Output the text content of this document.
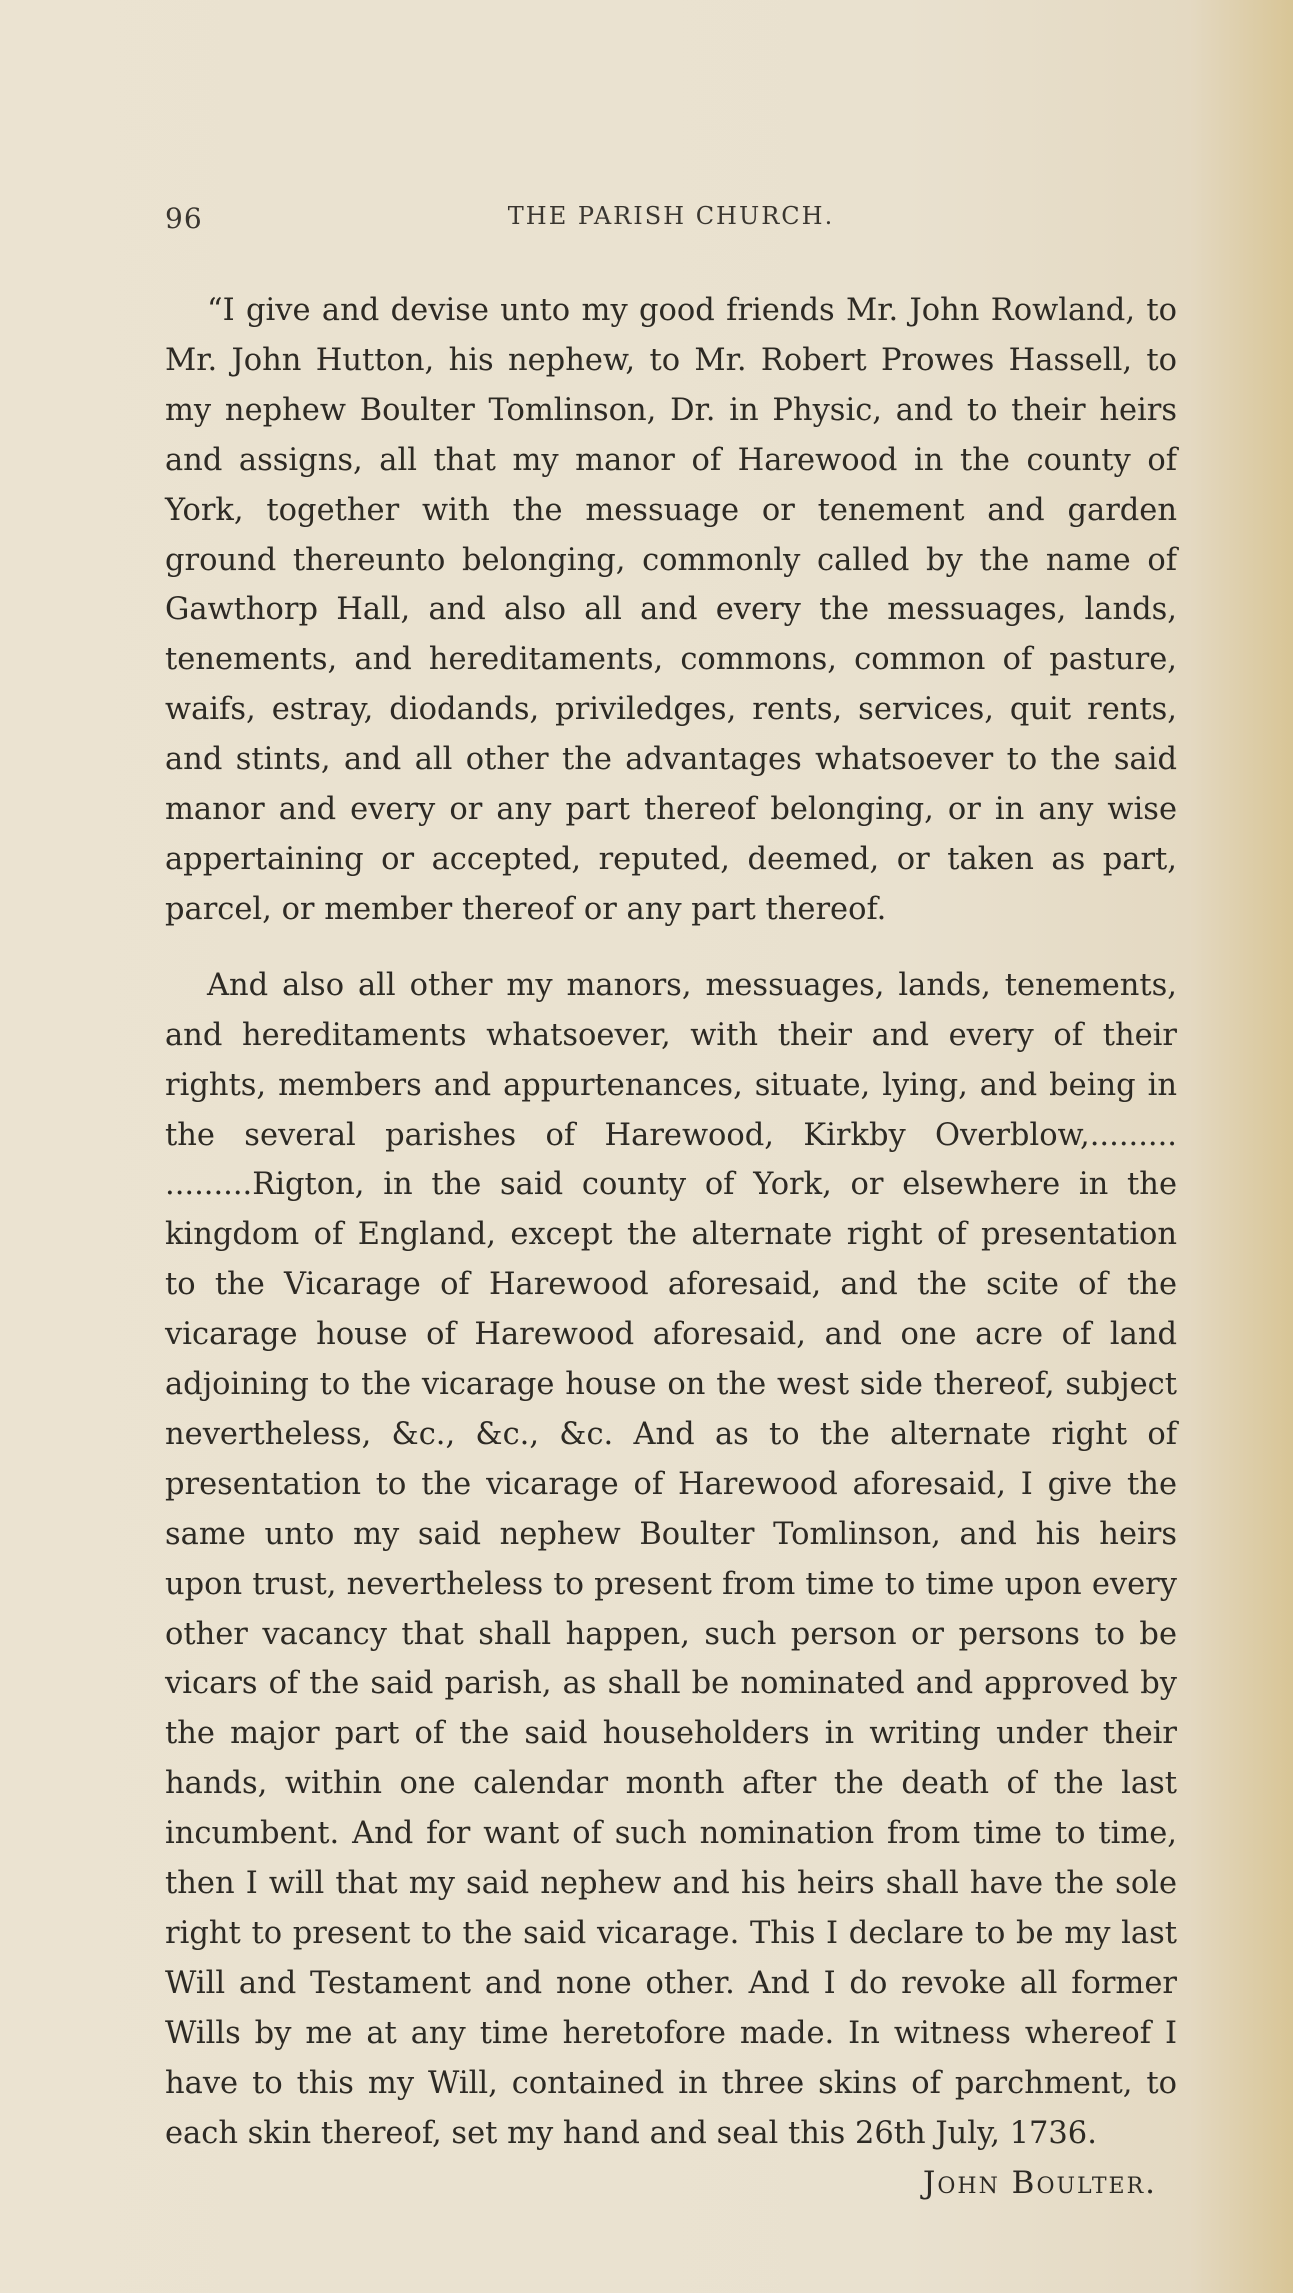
96	THE PARISH CHURCH.

“I give and devise unto my good friends Mr. John Rowland, to Mr. John Hutton, his nephew, to Mr. Robert Prowes Hassell, to my nephew Boulter Tomlinson, Dr. in Physic, and to their heirs and assigns, all that my manor of Harewood in the county of York, together with the messuage or tenement and garden ground thereunto belonging, commonly called by the name of Gawthorp Hall, and also all and every the messuages, lands, tenements, and hereditaments, commons, common of pasture, waifs, estray, diodands, priviledges, rents, services, quit rents, and stints, and all other the advantages whatsoever to the said manor and every or any part thereof belonging, or in any wise appertaining or accepted, reputed, deemed, or taken as part, parcel, or member thereof or any part thereof.

And also all other my manors, messuages, lands, tenements, and hereditaments whatsoever, with their and every of their rights, members and appurtenances, situate, lying, and being in the several parishes of Harewood, Kirkby Overblow,......... .........Rigton, in the said county of York, or elsewhere in the kingdom of England, except the alternate right of presentation to the Vicarage of Harewood aforesaid, and the scite of the vicarage house of Harewood aforesaid, and one acre of land adjoining to the vicarage house on the west side thereof, subject nevertheless, &c., &c., &c. And as to the alternate right of presentation to the vicarage of Harewood aforesaid, I give the same unto my said nephew Boulter Tomlinson, and his heirs upon trust, nevertheless to present from time to time upon every other vacancy that shall happen, such person or persons to be vicars of the said parish, as shall be nominated and approved by the major part of the said householders in writing under their hands, within one calendar month after the death of the last incumbent. And for want of such nomination from time to time, then I will that my said nephew and his heirs shall have the sole right to present to the said vicarage. This I declare to be my last Will and Testament and none other. And I do revoke all former Wills by me at any time heretofore made. In witness whereof I have to this my Will, contained in three skins of parchment, to each skin thereof, set my hand and seal this 26th July, 1736.

John Boulter.
